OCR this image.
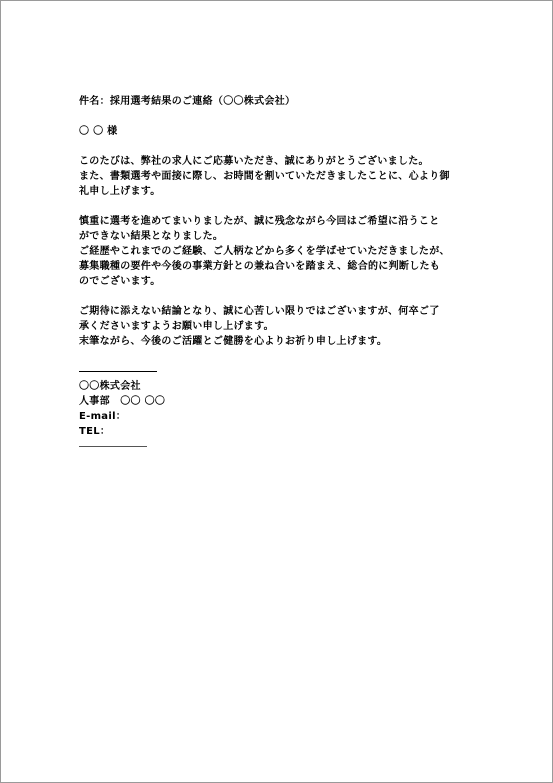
件名：採用選考結果のご連絡（〇〇株式会社）
〇 〇 様
このたびは、弊社の求人にご応募いただき、誠にありがとうございました。
また、書類選考や面接に際し、お時間を割いていただきましたことに、心より御
礼申し上げます。
慎重に選考を進めてまいりましたが、誠に残念ながら今回はご希望に沿うこと
ができない結果となりました。
ご経歴やこれまでのご経験、ご人柄などから多くを学ばせていただきましたが、
募集職種の要件や今後の事業方針との兼ね合いを踏まえ、総合的に判断したも
のでございます。
ご期待に添えない結論となり、誠に心苦しい限りではございますが、何卒ご了
承くださいますようお願い申し上げます。
末筆ながら、今後のご活躍とご健勝を心よりお祈り申し上げます。
〇〇株式会社
人事部　〇〇 〇〇
E-mail：
TEL：
